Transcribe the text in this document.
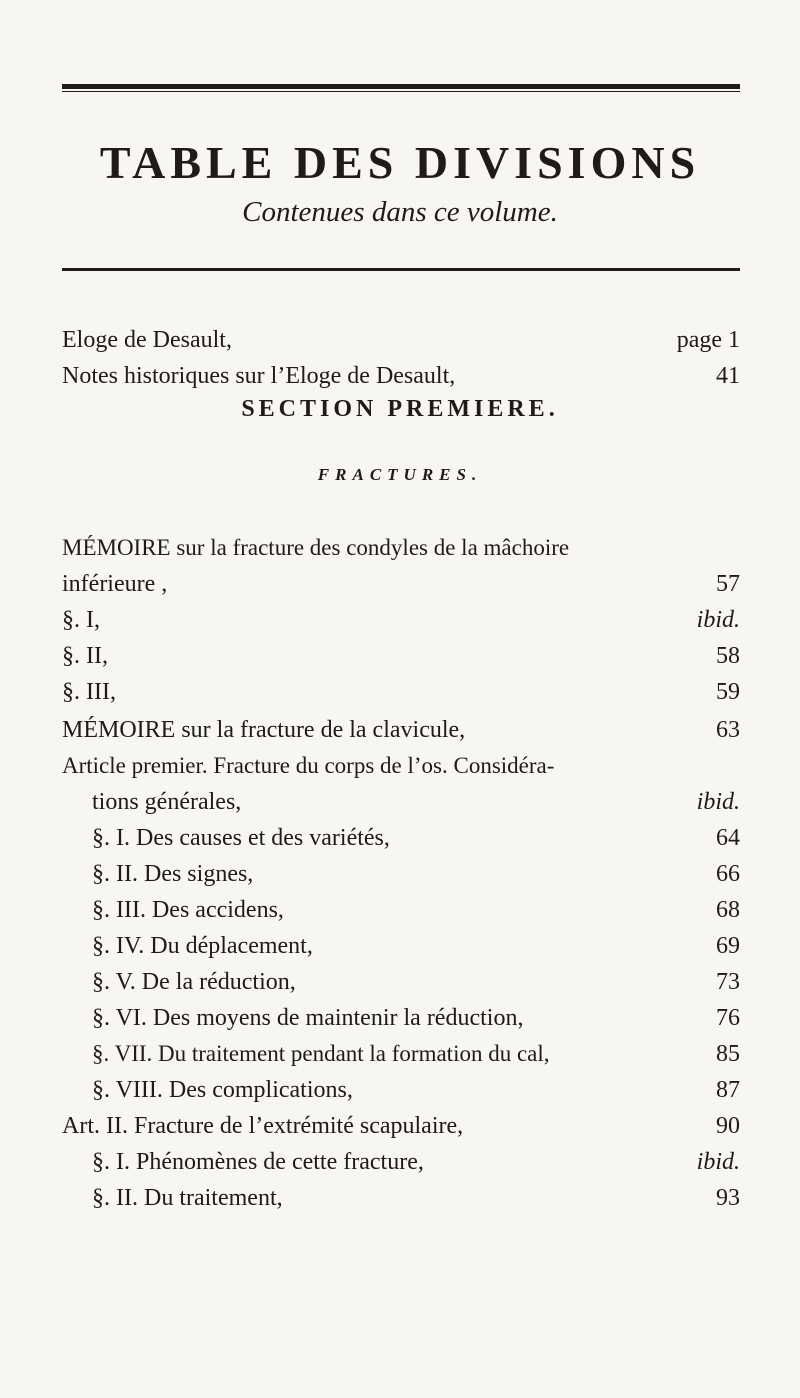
TABLE DES DIVISIONS
Contenues dans ce volume.
Eloge de Desault,	page 1
Notes historiques sur l’Eloge de Desault,	41
SECTION PREMIERE.
FRACTURES.
MÉMOIRE sur la fracture des condyles de la mâchoire
inférieure ,	57
§. I,	ibid.
§. II,	58
§. III,	59
MÉMOIRE sur la fracture de la clavicule,	63
Article premier. Fracture du corps de l’os. Considéra-
tions générales,	ibid.
§. I. Des causes et des variétés,	64
§. II. Des signes,	66
§. III. Des accidens,	68
§. IV. Du déplacement,	69
§. V. De la réduction,	73
§. VI. Des moyens de maintenir la réduction,	76
§. VII. Du traitement pendant la formation du cal,	85
§. VIII. Des complications,	87
Art. II. Fracture de l’extrémité scapulaire,	90
§. I. Phénomènes de cette fracture,	ibid.
§. II. Du traitement,	93
